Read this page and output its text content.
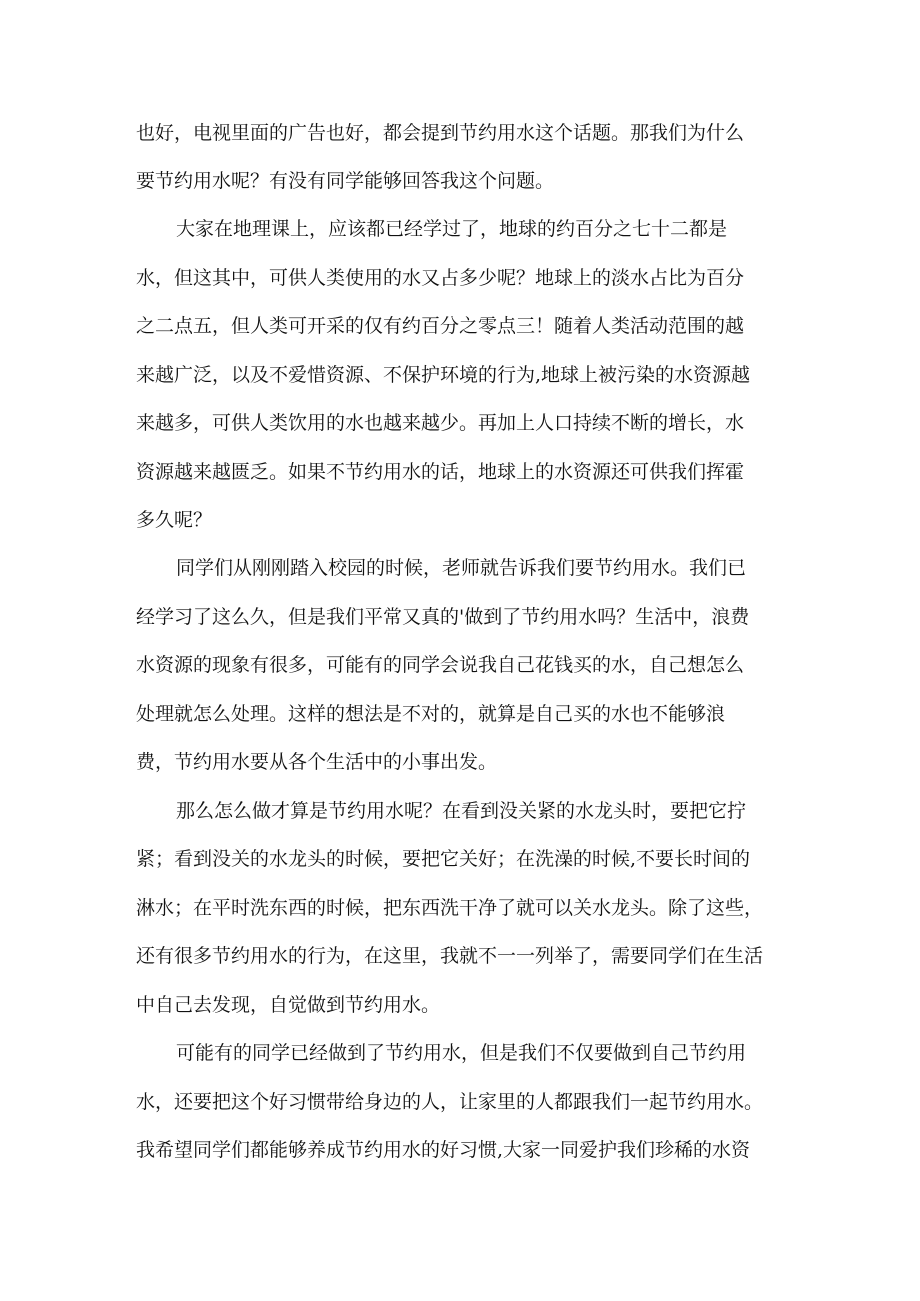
也好，电视里面的广告也好，都会提到节约用水这个话题。那我们为什么
要节约用水呢？有没有同学能够回答我这个问题。
大家在地理课上，应该都已经学过了，地球的约百分之七十二都是
水，但这其中，可供人类使用的水又占多少呢？地球上的淡水占比为百分
之二点五，但人类可开采的仅有约百分之零点三！随着人类活动范围的越
来越广泛，以及不爱惜资源、不保护环境的行为,地球上被污染的水资源越
来越多，可供人类饮用的水也越来越少。再加上人口持续不断的增长，水
资源越来越匮乏。如果不节约用水的话，地球上的水资源还可供我们挥霍
多久呢？
同学们从刚刚踏入校园的时候，老师就告诉我们要节约用水。我们已
经学习了这么久，但是我们平常又真的'做到了节约用水吗？生活中，浪费
水资源的现象有很多，可能有的同学会说我自己花钱买的水，自己想怎么
处理就怎么处理。这样的想法是不对的，就算是自己买的水也不能够浪
费，节约用水要从各个生活中的小事出发。
那么怎么做才算是节约用水呢？在看到没关紧的水龙头时，要把它拧
紧；看到没关的水龙头的时候，要把它关好；在洗澡的时候,不要长时间的
淋水；在平时洗东西的时候，把东西洗干净了就可以关水龙头。除了这些，
还有很多节约用水的行为，在这里，我就不一一列举了，需要同学们在生活
中自己去发现，自觉做到节约用水。
可能有的同学已经做到了节约用水，但是我们不仅要做到自己节约用
水，还要把这个好习惯带给身边的人，让家里的人都跟我们一起节约用水。
我希望同学们都能够养成节约用水的好习惯,大家一同爱护我们珍稀的水资
